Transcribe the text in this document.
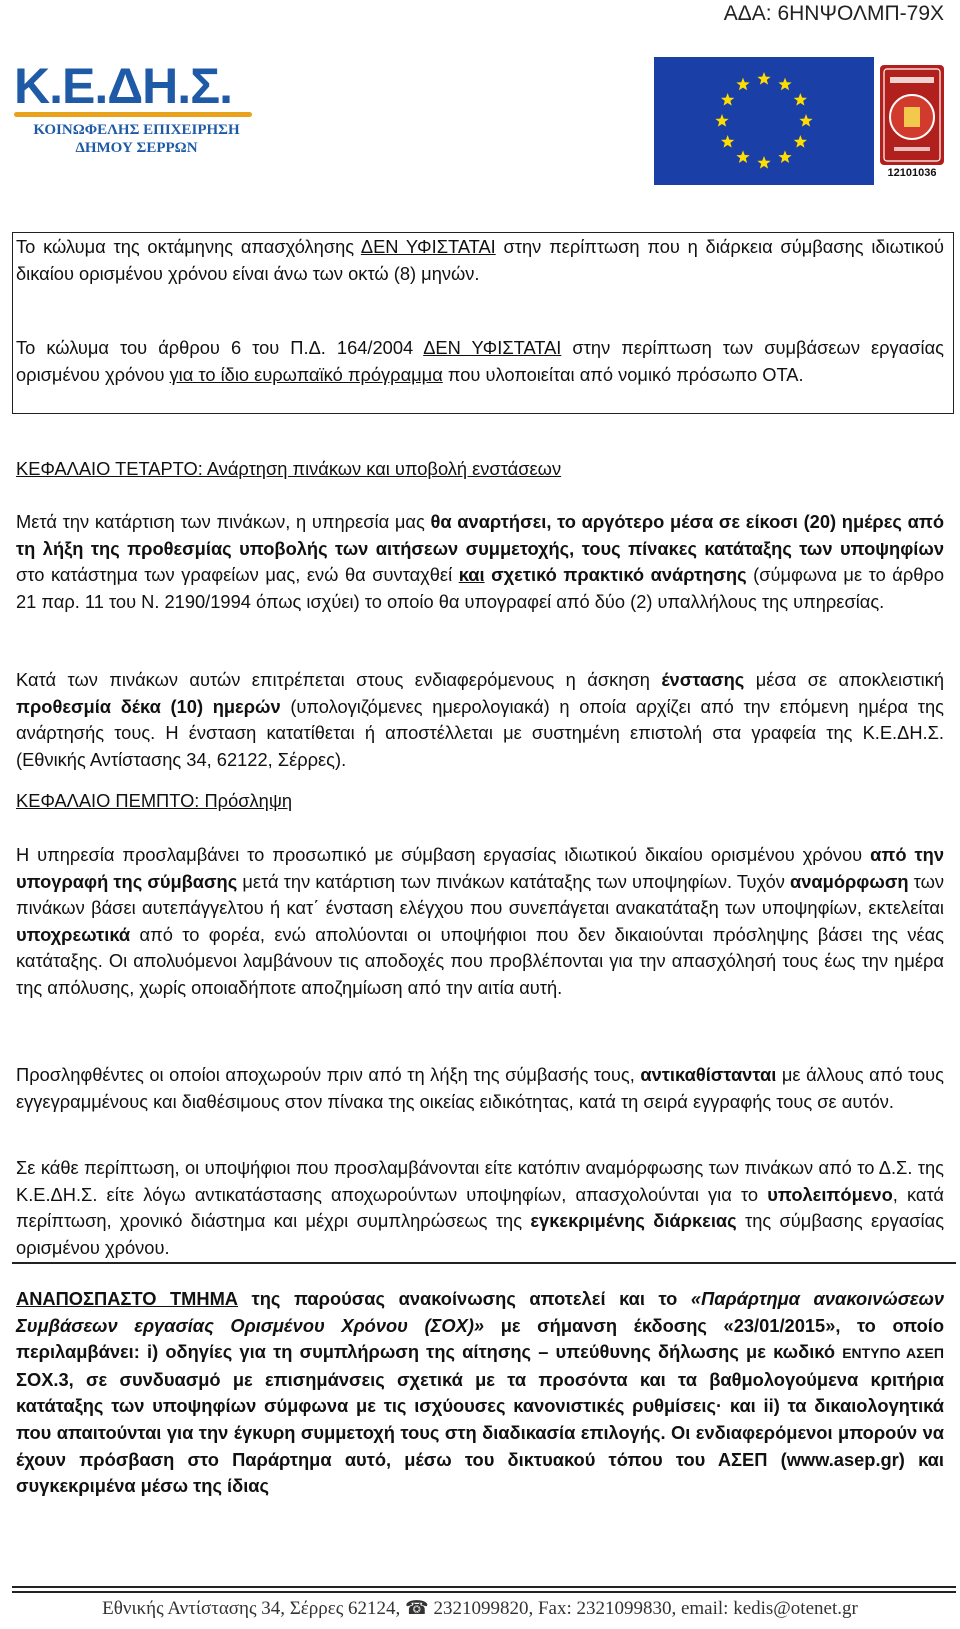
ΑΔΑ: 6ΗΝΨΟΛΜΠ-79Χ
Κ.Ε.ΔΗ.Σ.
ΚΟΙΝΩΦΕΛΗΣ ΕΠΙΧΕΙΡΗΣΗ
ΔΗΜΟΥ ΣΕΡΡΩΝ
12101036
Το κώλυμα της οκτάμηνης απασχόλησης ΔΕΝ ΥΦΙΣΤΑΤΑΙ στην περίπτωση που η διάρκεια σύμβασης ιδιωτικού δικαίου ορισμένου χρόνου είναι άνω των οκτώ (8) μηνών.
Το κώλυμα του άρθρου 6 του Π.Δ. 164/2004 ΔΕΝ ΥΦΙΣΤΑΤΑΙ στην περίπτωση των συμβάσεων εργασίας ορισμένου χρόνου για το ίδιο ευρωπαϊκό πρόγραμμα που υλοποιείται από νομικό πρόσωπο ΟΤΑ.
ΚΕΦΑΛΑΙΟ ΤΕΤΑΡΤΟ: Ανάρτηση πινάκων και υποβολή ενστάσεων
Μετά την κατάρτιση των πινάκων, η υπηρεσία μας θα αναρτήσει, το αργότερο μέσα σε είκοσι (20) ημέρες από τη λήξη της προθεσμίας υποβολής των αιτήσεων συμμετοχής, τους πίνακες κατάταξης των υποψηφίων στο κατάστημα των γραφείων μας, ενώ θα συνταχθεί και σχετικό πρακτικό ανάρτησης (σύμφωνα με το άρθρο 21 παρ. 11 του Ν. 2190/1994 όπως ισχύει) το οποίο θα υπογραφεί από δύο (2) υπαλλήλους της υπηρεσίας.
Κατά των πινάκων αυτών επιτρέπεται στους ενδιαφερόμενους η άσκηση ένστασης μέσα σε αποκλειστική προθεσμία δέκα (10) ημερών (υπολογιζόμενες ημερολογιακά) η οποία αρχίζει από την επόμενη ημέρα της ανάρτησής τους. Η ένσταση κατατίθεται ή αποστέλλεται με συστημένη επιστολή στα γραφεία της Κ.Ε.ΔΗ.Σ. (Εθνικής Αντίστασης 34, 62122, Σέρρες).
ΚΕΦΑΛΑΙΟ ΠΕΜΠΤΟ: Πρόσληψη
Η υπηρεσία προσλαμβάνει το προσωπικό με σύμβαση εργασίας ιδιωτικού δικαίου ορισμένου χρόνου από την υπογραφή της σύμβασης μετά την κατάρτιση των πινάκων κατάταξης των υποψηφίων. Τυχόν αναμόρφωση των πινάκων βάσει αυτεπάγγελτου ή κατ΄ ένσταση ελέγχου που συνεπάγεται ανακατάταξη των υποψηφίων, εκτελείται υποχρεωτικά από το φορέα, ενώ απολύονται οι υποψήφιοι που δεν δικαιούνται πρόσληψης βάσει της νέας κατάταξης. Οι απολυόμενοι λαμβάνουν τις αποδοχές που προβλέπονται για την απασχόλησή τους έως την ημέρα της απόλυσης, χωρίς οποιαδήποτε αποζημίωση από την αιτία αυτή.
Προσληφθέντες οι οποίοι αποχωρούν πριν από τη λήξη της σύμβασής τους, αντικαθίστανται με άλλους από τους εγγεγραμμένους και διαθέσιμους στον πίνακα της οικείας ειδικότητας, κατά τη σειρά εγγραφής τους σε αυτόν.
Σε κάθε περίπτωση, οι υποψήφιοι που προσλαμβάνονται είτε κατόπιν αναμόρφωσης των πινάκων από το Δ.Σ. της Κ.Ε.ΔΗ.Σ. είτε λόγω αντικατάστασης αποχωρούντων υποψηφίων, απασχολούνται για το υπολειπόμενο, κατά περίπτωση, χρονικό διάστημα και μέχρι συμπληρώσεως της εγκεκριμένης διάρκειας της σύμβασης εργασίας ορισμένου χρόνου.
ΑΝΑΠΟΣΠΑΣΤΟ ΤΜΗΜΑ της παρούσας ανακοίνωσης αποτελεί και το «Παράρτημα ανακοινώσεων Συμβάσεων εργασίας Ορισμένου Χρόνου (ΣΟΧ)» με σήμανση έκδοσης «23/01/2015», το οποίο περιλαμβάνει: i) οδηγίες για τη συμπλήρωση της αίτησης – υπεύθυνης δήλωσης με κωδικό ΕΝΤΥΠΟ ΑΣΕΠ ΣΟΧ.3, σε συνδυασμό με επισημάνσεις σχετικά με τα προσόντα και τα βαθμολογούμενα κριτήρια κατάταξης των υποψηφίων σύμφωνα με τις ισχύουσες κανονιστικές ρυθμίσεις· και ii) τα δικαιολογητικά που απαιτούνται για την έγκυρη συμμετοχή τους στη διαδικασία επιλογής. Οι ενδιαφερόμενοι μπορούν να έχουν πρόσβαση στο Παράρτημα αυτό, μέσω του δικτυακού τόπου του ΑΣΕΠ (www.asep.gr) και συγκεκριμένα μέσω της ίδιας
Εθνικής Αντίστασης 34, Σέρρες 62124, ☎ 2321099820, Fax: 2321099830, email: kedis@otenet.gr
